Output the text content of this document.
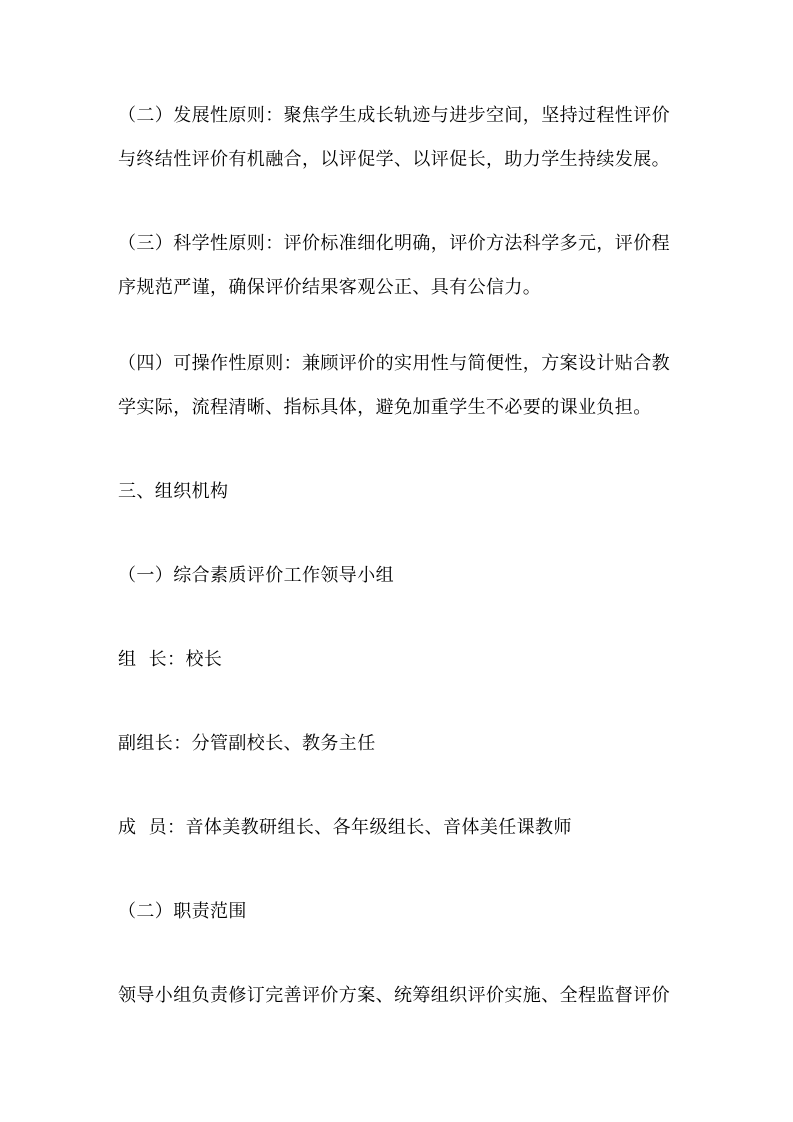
（二）发展性原则：聚焦学生成长轨迹与进步空间，坚持过程性评价
与终结性评价有机融合，以评促学、以评促长，助力学生持续发展。
（三）科学性原则：评价标准细化明确，评价方法科学多元，评价程
序规范严谨，确保评价结果客观公正、具有公信力。
（四）可操作性原则：兼顾评价的实用性与简便性，方案设计贴合教
学实际，流程清晰、指标具体，避免加重学生不必要的课业负担。
三、组织机构
（一）综合素质评价工作领导小组
组  长：校长
副组长：分管副校长、教务主任
成  员：音体美教研组长、各年级组长、音体美任课教师
（二）职责范围
领导小组负责修订完善评价方案、统筹组织评价实施、全程监督评价
